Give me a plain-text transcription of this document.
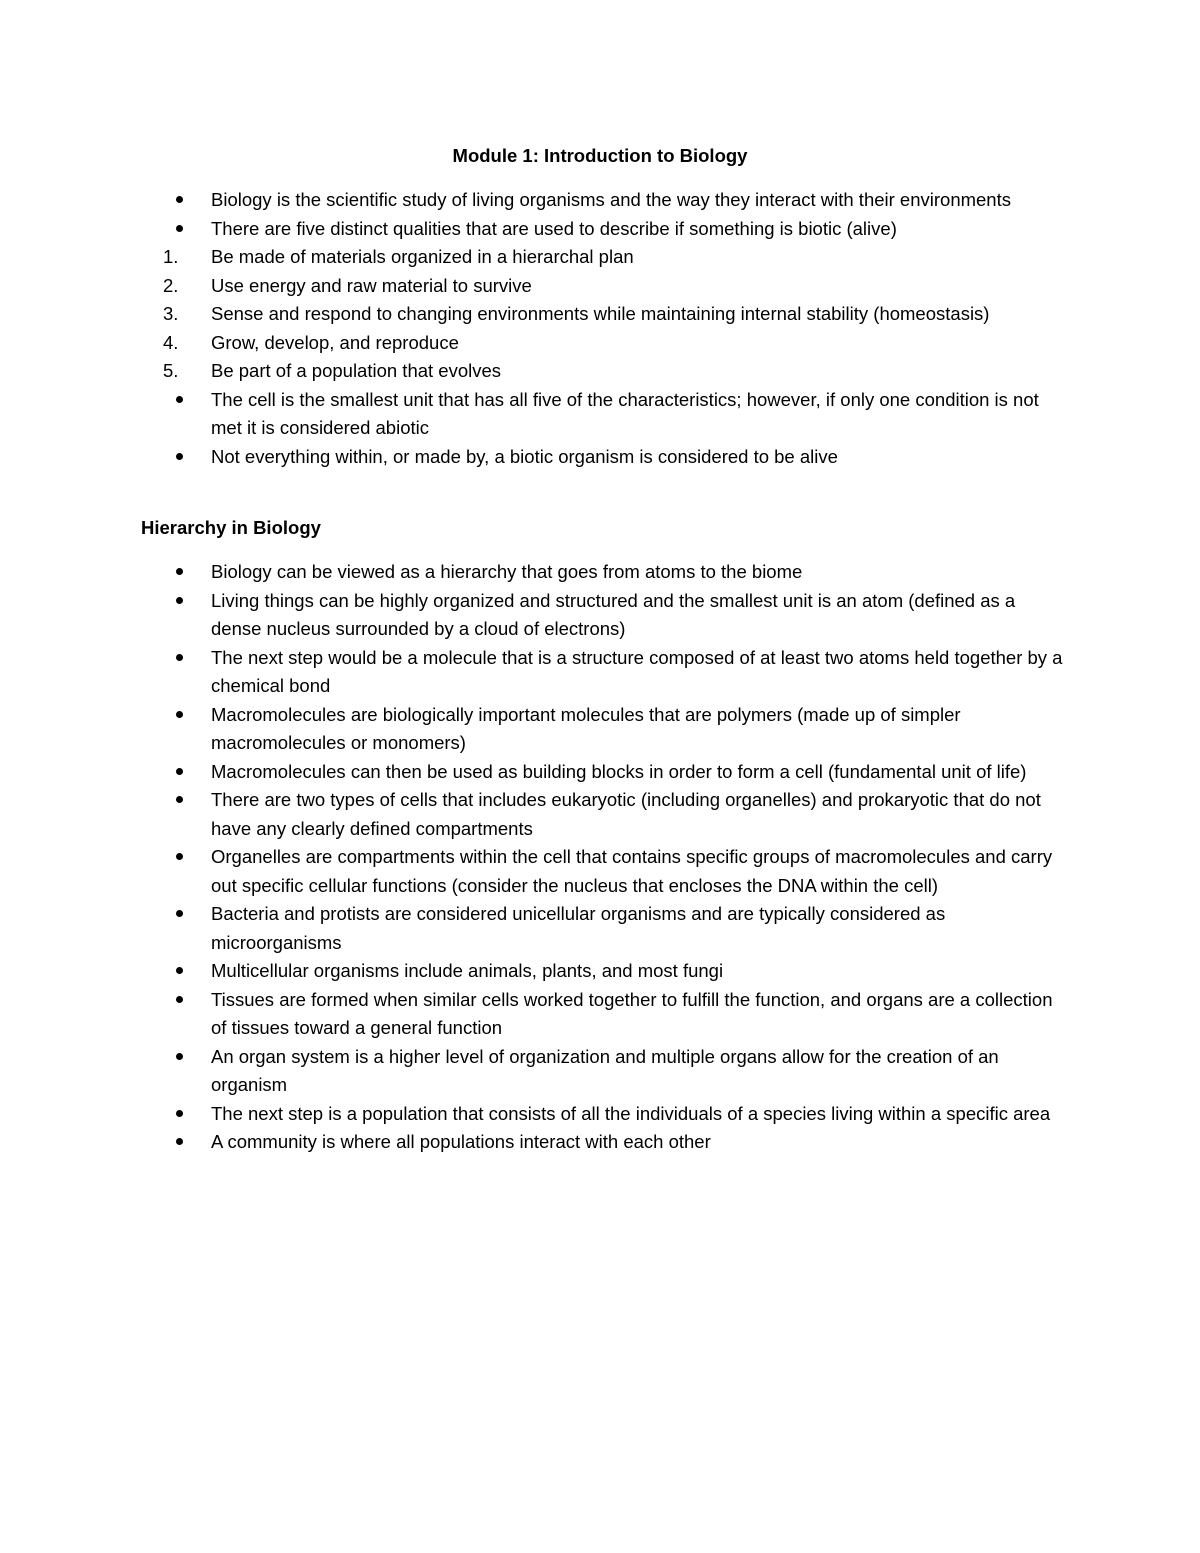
Module 1: Introduction to Biology
Biology is the scientific study of living organisms and the way they interact with their environments
There are five distinct qualities that are used to describe if something is biotic (alive)
1.	Be made of materials organized in a hierarchal plan
2.	Use energy and raw material to survive
3.	Sense and respond to changing environments while maintaining internal stability (homeostasis)
4.	Grow, develop, and reproduce
5.	Be part of a population that evolves
The cell is the smallest unit that has all five of the characteristics; however, if only one condition is not met it is considered abiotic
Not everything within, or made by, a biotic organism is considered to be alive
Hierarchy in Biology
Biology can be viewed as a hierarchy that goes from atoms to the biome
Living things can be highly organized and structured and the smallest unit is an atom (defined as a dense nucleus surrounded by a cloud of electrons)
The next step would be a molecule that is a structure composed of at least two atoms held together by a chemical bond
Macromolecules are biologically important molecules that are polymers (made up of simpler macromolecules or monomers)
Macromolecules can then be used as building blocks in order to form a cell (fundamental unit of life)
There are two types of cells that includes eukaryotic (including organelles) and prokaryotic that do not have any clearly defined compartments
Organelles are compartments within the cell that contains specific groups of macromolecules and carry out specific cellular functions (consider the nucleus that encloses the DNA within the cell)
Bacteria and protists are considered unicellular organisms and are typically considered as microorganisms
Multicellular organisms include animals, plants, and most fungi
Tissues are formed when similar cells worked together to fulfill the function, and organs are a collection of tissues toward a general function
An organ system is a higher level of organization and multiple organs allow for the creation of an organism
The next step is a population that consists of all the individuals of a species living within a specific area
A community is where all populations interact with each other
